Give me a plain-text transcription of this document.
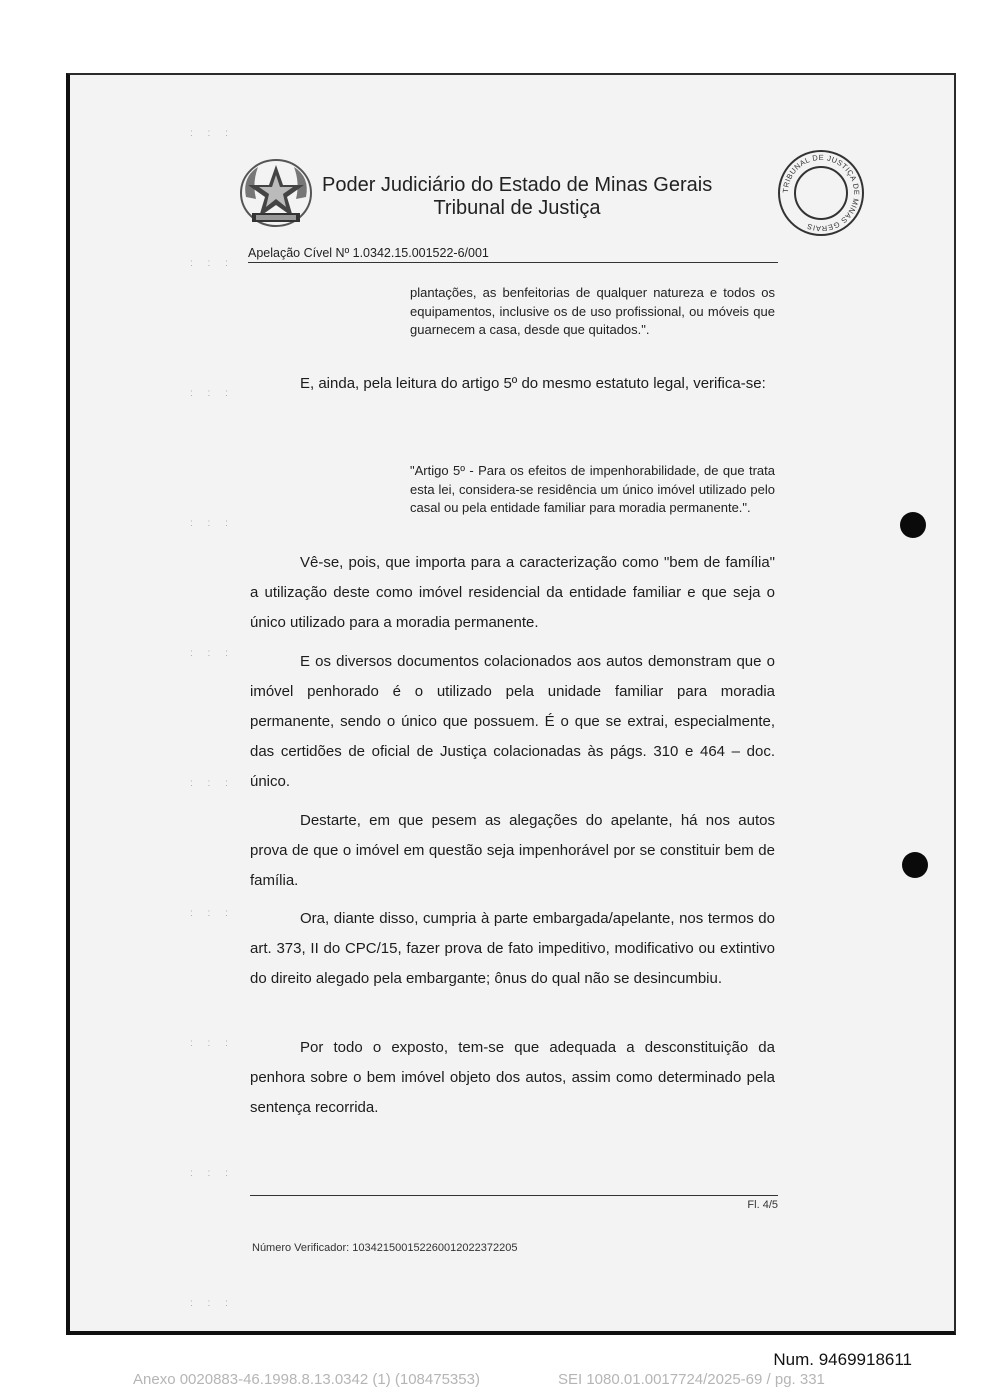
: : :
: : :
: : :
: : :
: : :
: : :
: : :
: : :
: : :
: : :
Poder Judiciário do Estado de Minas Gerais
Tribunal de Justiça
TRIBUNAL DE JUSTIÇA DE MINAS GERAIS
Apelação Cível Nº 1.0342.15.001522-6/001
plantações, as benfeitorias de qualquer natureza e todos os equipamentos, inclusive os de uso profissional, ou móveis que guarnecem a casa, desde que quitados.".
E, ainda, pela leitura do artigo 5º do mesmo estatuto legal, verifica-se:
"Artigo 5º - Para os efeitos de impenhorabilidade, de que trata esta lei, considera-se residência um único imóvel utilizado pelo casal ou pela entidade familiar para moradia permanente.".
Vê-se, pois, que importa para a caracterização como "bem de família" a utilização deste como imóvel residencial da entidade familiar e que seja o único utilizado para a moradia permanente.
E os diversos documentos colacionados aos autos demonstram que o imóvel penhorado é o utilizado pela unidade familiar para moradia permanente, sendo o único que possuem. É o que se extrai, especialmente, das certidões de oficial de Justiça colacionadas às págs. 310 e 464 – doc. único.
Destarte, em que pesem as alegações do apelante, há nos autos prova de que o imóvel em questão seja impenhorável por se constituir bem de família.
Ora, diante disso, cumpria à parte embargada/apelante, nos termos do art. 373, II do CPC/15, fazer prova de fato impeditivo, modificativo ou extintivo do direito alegado pela embargante; ônus do qual não se desincumbiu.
Por todo o exposto, tem-se que adequada a desconstituição da penhora sobre o bem imóvel objeto dos autos, assim como determinado pela sentença recorrida.
Fl. 4/5
Número Verificador: 1034215001522600120223722​05
Num. 9469918611
Anexo 0020883-46.1998.8.13.0342 (1) (108475353)	SEI 1080.01.0017724/2025-69 / pg. 331
